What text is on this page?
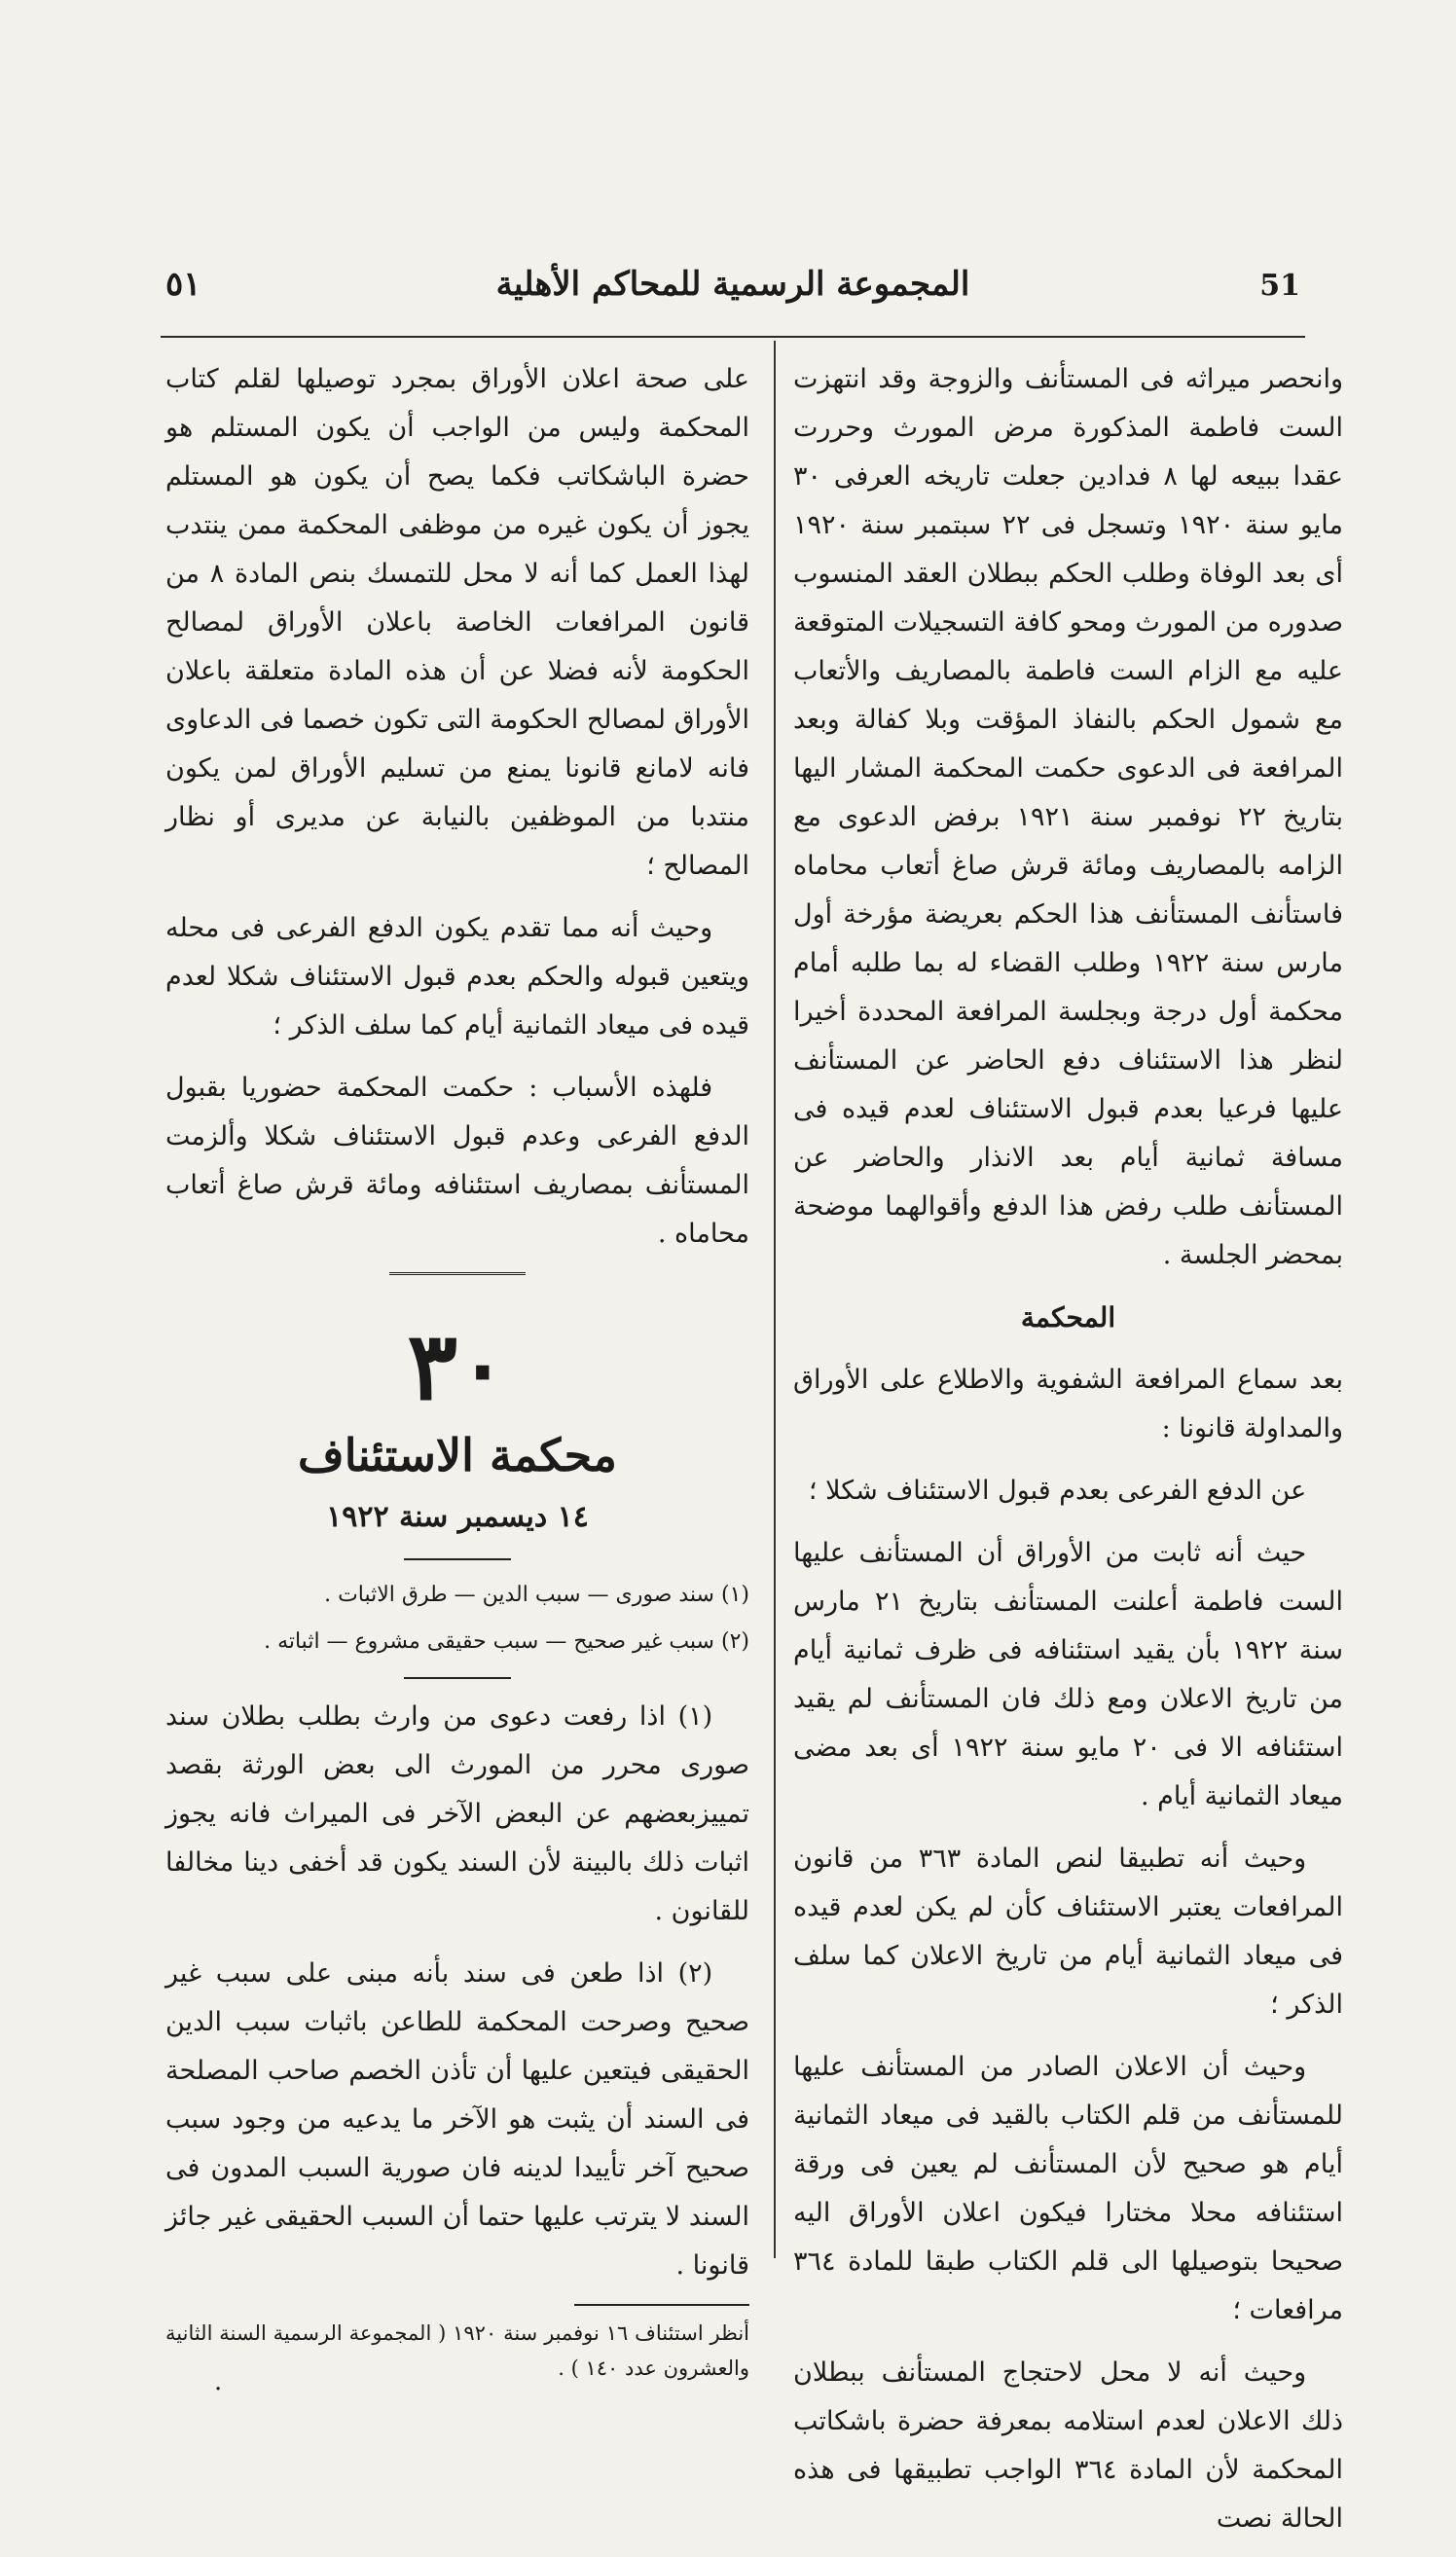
51
المجموعة الرسمية للمحاكم الأهلية
٥١

وانحصر ميراثه فى المستأنف والزوجة وقد انتهزت الست فاطمة المذكورة مرض المورث وحررت عقدا ببيعه لها ٨ فدادين جعلت تاريخه العرفى ٣٠ مايو سنة ١٩٢٠ وتسجل فى ٢٢ سبتمبر سنة ١٩٢٠ أى بعد الوفاة وطلب الحكم ببطلان العقد المنسوب صدوره من المورث ومحو كافة التسجيلات المتوقعة عليه مع الزام الست فاطمة بالمصاريف والأتعاب مع شمول الحكم بالنفاذ المؤقت وبلا كفالة وبعد المرافعة فى الدعوى حكمت المحكمة المشار اليها بتاريخ ٢٢ نوفمبر سنة ١٩٢١ برفض الدعوى مع الزامه بالمصاريف ومائة قرش صاغ أتعاب محاماه فاستأنف المستأنف هذا الحكم بعريضة مؤرخة أول مارس سنة ١٩٢٢ وطلب القضاء له بما طلبه أمام محكمة أول درجة وبجلسة المرافعة المحددة أخيرا لنظر هذا الاستئناف دفع الحاضر عن المستأنف عليها فرعيا بعدم قبول الاستئناف لعدم قيده فى مسافة ثمانية أيام بعد الانذار والحاضر عن المستأنف طلب رفض هذا الدفع وأقوالهما موضحة بمحضر الجلسة .

المحكمة

بعد سماع المرافعة الشفوية والاطلاع على الأوراق والمداولة قانونا :

عن الدفع الفرعى بعدم قبول الاستئناف شكلا ؛

حيث أنه ثابت من الأوراق أن المستأنف عليها الست فاطمة أعلنت المستأنف بتاريخ ٢١ مارس سنة ١٩٢٢ بأن يقيد استئنافه فى ظرف ثمانية أيام من تاريخ الاعلان ومع ذلك فان المستأنف لم يقيد استئنافه الا فى ٢٠ مايو سنة ١٩٢٢ أى بعد مضى ميعاد الثمانية أيام .

وحيث أنه تطبيقا لنص المادة ٣٦٣ من قانون المرافعات يعتبر الاستئناف كأن لم يكن لعدم قيده فى ميعاد الثمانية أيام من تاريخ الاعلان كما سلف الذكر ؛

وحيث أن الاعلان الصادر من المستأنف عليها للمستأنف من قلم الكتاب بالقيد فى ميعاد الثمانية أيام هو صحيح لأن المستأنف لم يعين فى ورقة استئنافه محلا مختارا فيكون اعلان الأوراق اليه صحيحا بتوصيلها الى قلم الكتاب طبقا للمادة ٣٦٤ مرافعات ؛

وحيث أنه لا محل لاحتجاج المستأنف ببطلان ذلك الاعلان لعدم استلامه بمعرفة حضرة باشكاتب المحكمة لأن المادة ٣٦٤ الواجب تطبيقها فى هذه الحالة نصت

على صحة اعلان الأوراق بمجرد توصيلها لقلم كتاب المحكمة وليس من الواجب أن يكون المستلم هو حضرة الباشكاتب فكما يصح أن يكون هو المستلم يجوز أن يكون غيره من موظفى المحكمة ممن ينتدب لهذا العمل كما أنه لا محل للتمسك بنص المادة ٨ من قانون المرافعات الخاصة باعلان الأوراق لمصالح الحكومة لأنه فضلا عن أن هذه المادة متعلقة باعلان الأوراق لمصالح الحكومة التى تكون خصما فى الدعاوى فانه لامانع قانونا يمنع من تسليم الأوراق لمن يكون منتدبا من الموظفين بالنيابة عن مديرى أو نظار المصالح ؛

وحيث أنه مما تقدم يكون الدفع الفرعى فى محله ويتعين قبوله والحكم بعدم قبول الاستئناف شكلا لعدم قيده فى ميعاد الثمانية أيام كما سلف الذكر ؛

فلهذه الأسباب : حكمت المحكمة حضوريا بقبول الدفع الفرعى وعدم قبول الاستئناف شكلا وألزمت المستأنف بمصاريف استئنافه ومائة قرش صاغ أتعاب محاماه .

٣٠
محكمة الاستئناف
١٤ ديسمبر سنة ١٩٢٢

(١) سند صورى — سبب الدين — طرق الاثبات .

(٢) سبب غير صحيح — سبب حقيقى مشروع — اثباته .

(١) اذا رفعت دعوى من وارث بطلب بطلان سند صورى محرر من المورث الى بعض الورثة بقصد تمييزبعضهم عن البعض الآخر فى الميراث فانه يجوز اثبات ذلك بالبينة لأن السند يكون قد أخفى دينا مخالفا للقانون .

(٢) اذا طعن فى سند بأنه مبنى على سبب غير صحيح وصرحت المحكمة للطاعن باثبات سبب الدين الحقيقى فيتعين عليها أن تأذن الخصم صاحب المصلحة فى السند أن يثبت هو الآخر ما يدعيه من وجود سبب صحيح آخر تأييدا لدينه فان صورية السبب المدون فى السند لا يترتب عليها حتما أن السبب الحقيقى غير جائز قانونا .

أنظر استئناف ١٦ نوفمبر سنة ١٩٢٠ ( المجموعة الرسمية السنة الثانية والعشرون عدد ١٤٠ ) .

·
